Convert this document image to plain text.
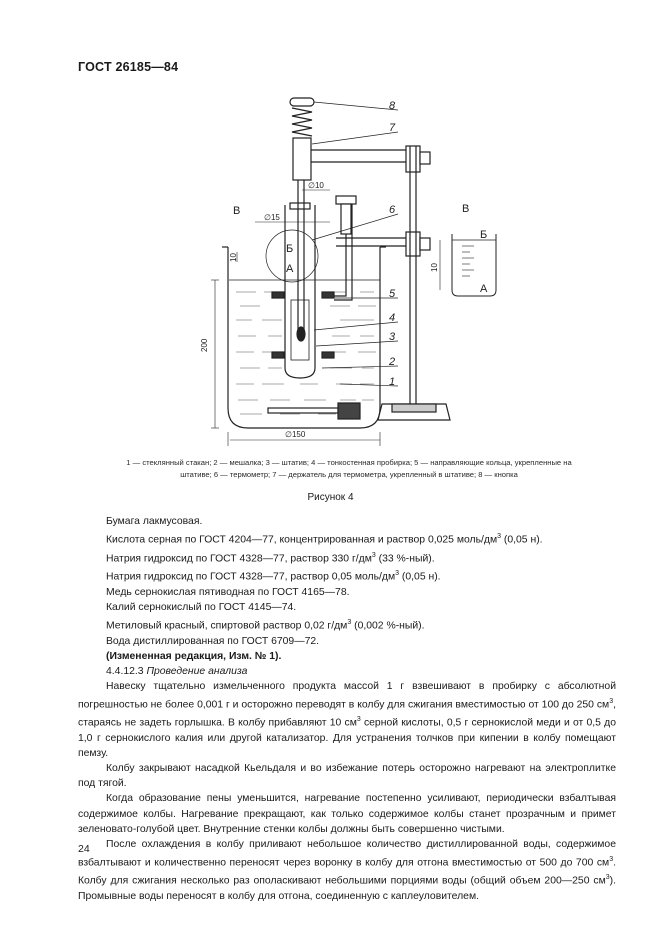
ГОСТ 26185—84
8
7
6
5
4
3
2
1
В
Б
А
В
Б
А
∅10
∅15
∅150
10
200
10
1 — стеклянный стакан; 2 — мешалка; 3 — штатив; 4 — тонкостенная пробирка; 5 — направляющие кольца, укрепленные на
штативе; 6 — термометр; 7 — держатель для термометра, укрепленный в штативе; 8 — кнопка
Рисунок 4

Бумага лакмусовая.

Кислота серная по ГОСТ 4204—77, концентрированная и раствор 0,025 моль/$дм^3$ (0,05 н).

Натрия гидроксид по ГОСТ 4328—77, раствор 330 $г/дм^3$ (33 %-ный).

Натрия гидроксид по ГОСТ 4328—77, раствор 0,05 моль/$дм^3$ (0,05 н).

Медь сернокислая пятиводная по ГОСТ 4165—78.

Калий сернокислый по ГОСТ 4145—74.

Метиловый красный, спиртовой раствор 0,02 $г/дм^3$ (0,002 %-ный).

Вода дистиллированная по ГОСТ 6709—72.

(Измененная редакция, Изм. № 1).

4.4.12.3 Проведение анализа

Навеску тщательно измельченного продукта массой 1 г взвешивают в пробирку с абсолютной погрешностью не более 0,001 г и осторожно переводят в колбу для сжигания вместимостью от 100 до 250 $см^3$, стараясь не задеть горлышка. В колбу прибавляют 10 $см^3$ серной кислоты, 0,5 г сернокислой меди и от 0,5 до 1,0 г сернокислого калия или другой катализатор. Для устранения толчков при кипении в колбу помещают пемзу.

Колбу закрывают насадкой Кьельдаля и во избежание потерь осторожно нагревают на электроплитке под тягой.

Когда образование пены уменьшится, нагревание постепенно усиливают, периодически взбалтывая содержимое колбы. Нагревание прекращают, как только содержимое колбы станет прозрачным и примет зеленовато-голубой цвет. Внутренние стенки колбы должны быть совершенно чистыми.

После охлаждения в колбу приливают небольшое количество дистиллированной воды, содержимое взбалтывают и количественно переносят через воронку в колбу для отгона вместимостью от 500 до 700 $см^3$. Колбу для сжигания несколько раз ополаскивают небольшими порциями воды (общий объем 200—250 $см^3$). Промывные воды переносят в колбу для отгона, соединенную с каплеуловителем.

24
